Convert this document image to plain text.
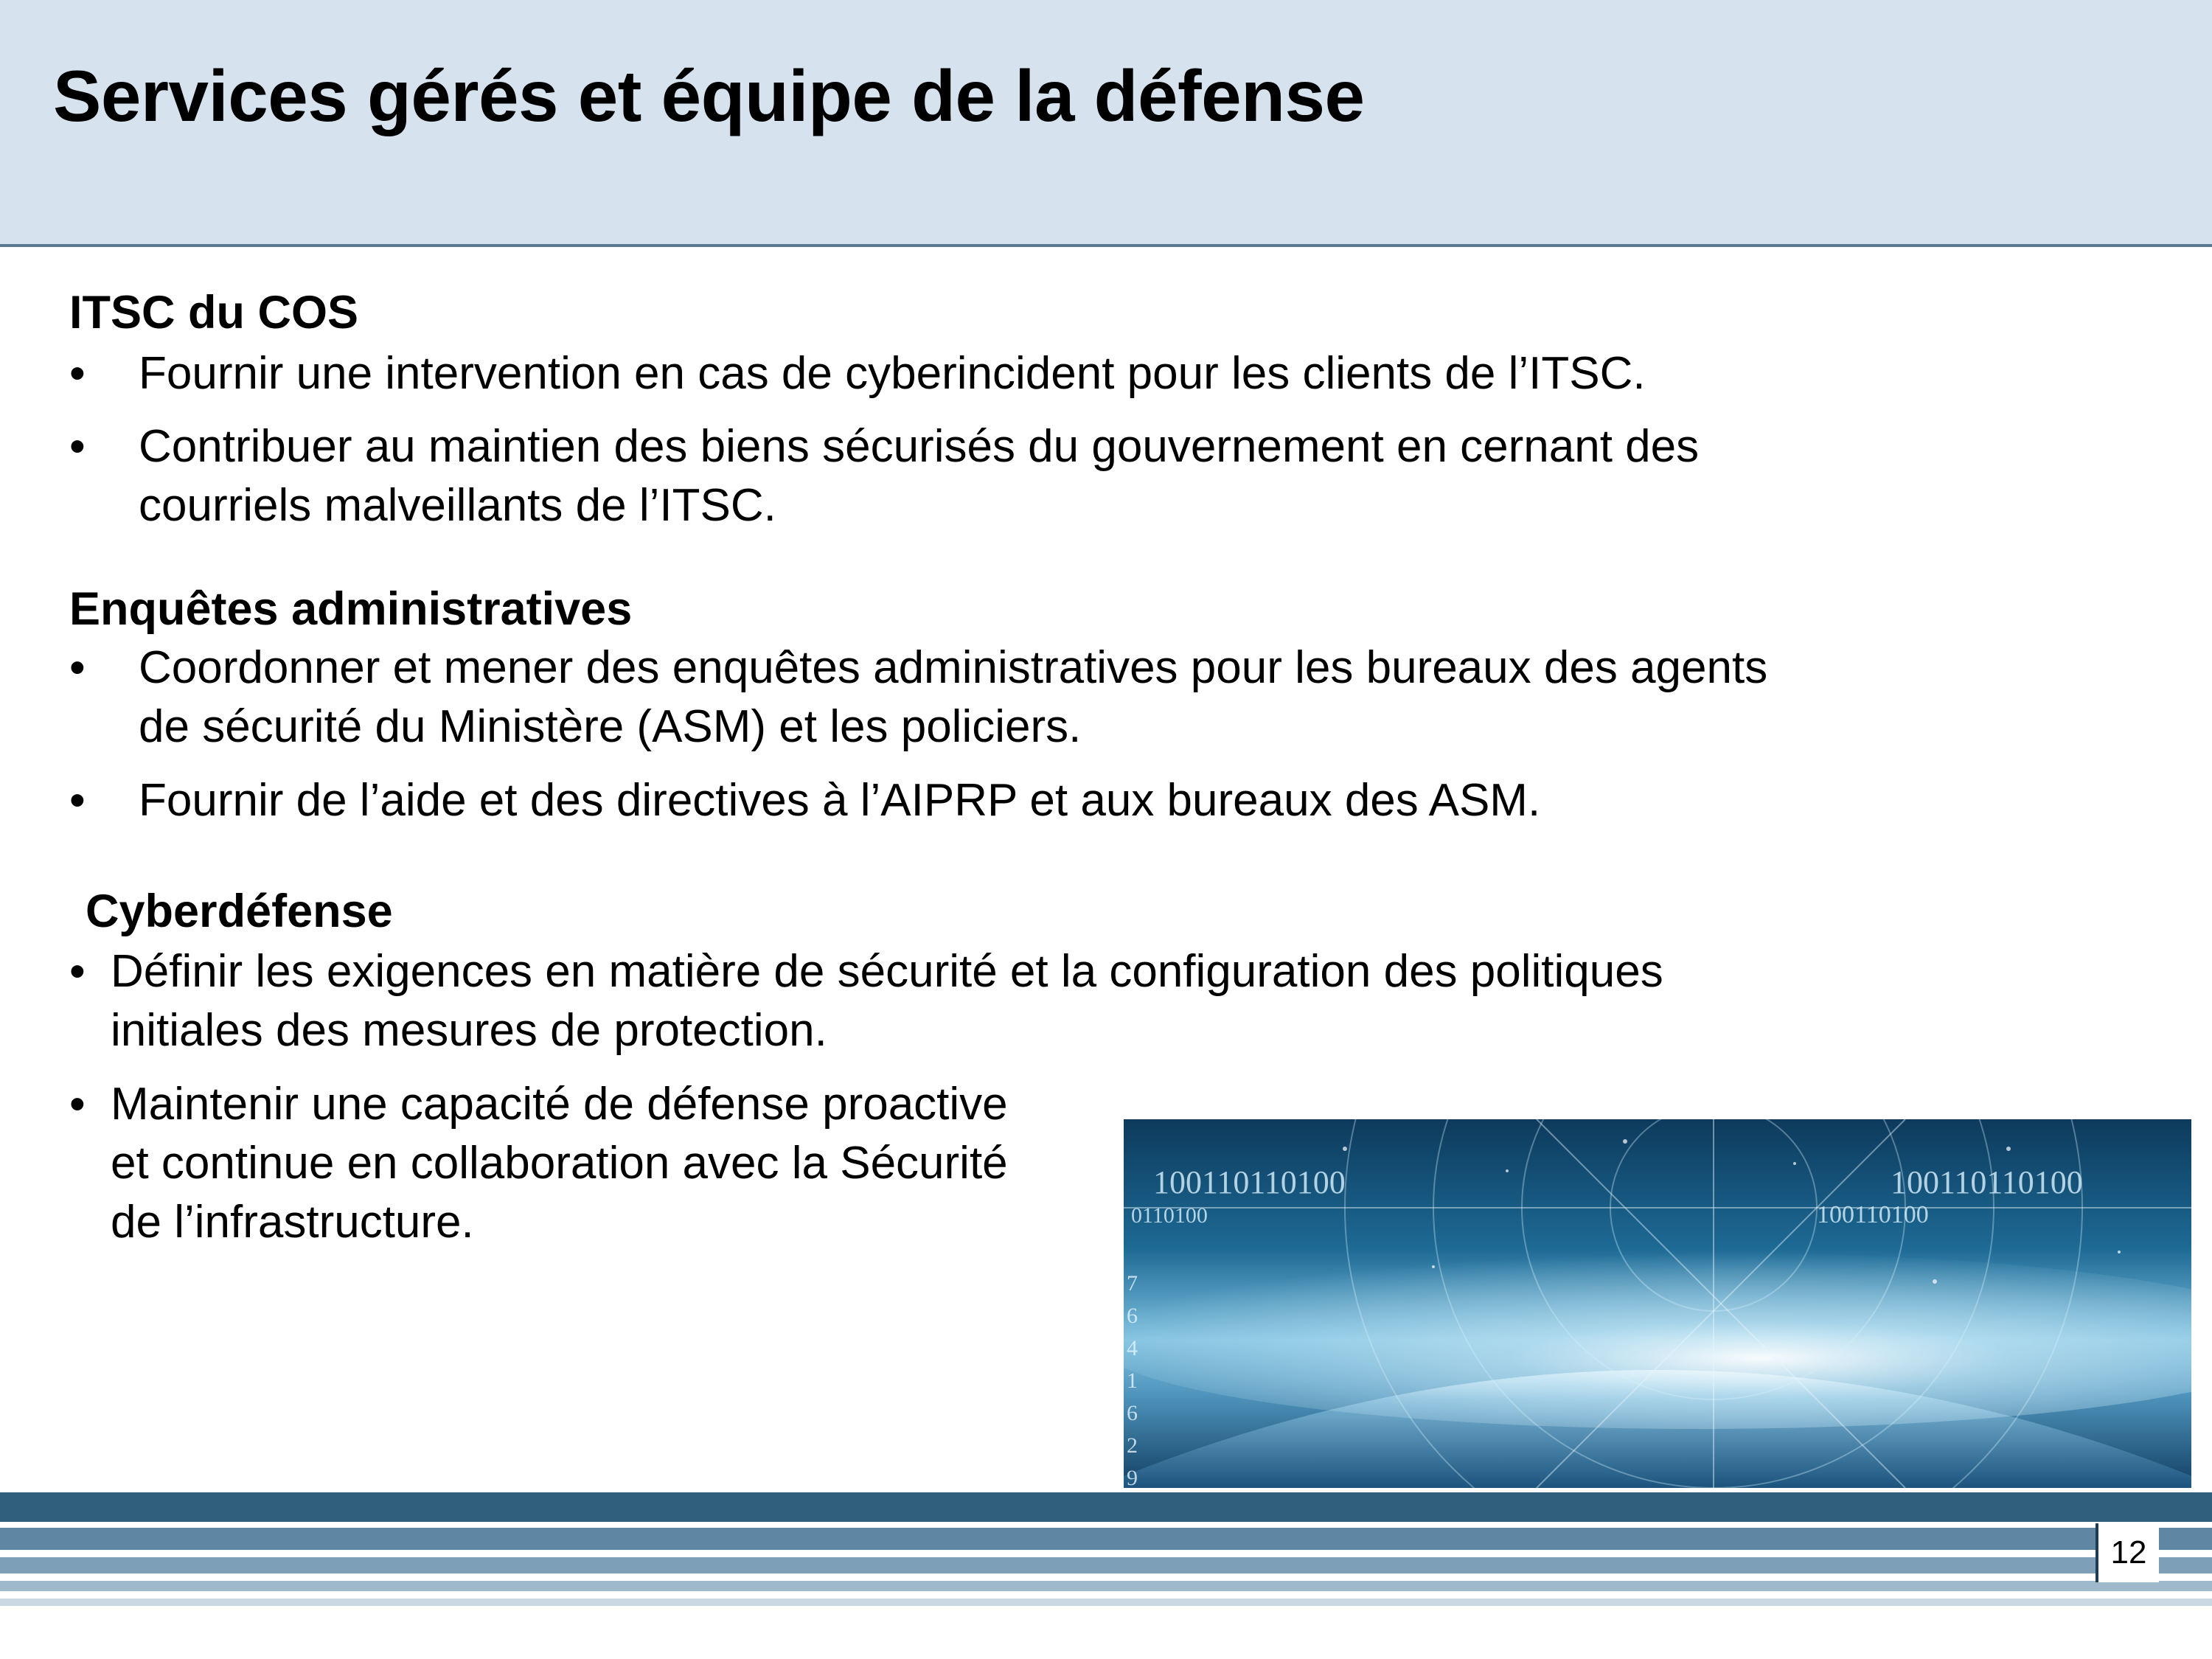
Services gérés et équipe de la défense
ITSC du COS
• Fournir une intervention en cas de cyberincident pour les clients de l’ITSC.
• Contribuer au maintien des biens sécurisés du gouvernement en cernant des
courriels malveillants de l’ITSC.
Enquêtes administratives
• Coordonner et mener des enquêtes administratives pour les bureaux des agents
de sécurité du Ministère (ASM) et les policiers.
• Fournir de l’aide et des directives à l’AIPRP et aux bureaux des ASM.
Cyberdéfense
• Définir les exigences en matière de sécurité et la configuration des politiques
initiales des mesures de protection.
• Maintenir une capacité de défense proactive
et continue en collaboration avec la Sécurité
de l’infrastructure.
100110110100
0110100
100110110100
100110100
7
6
4
1
6
2
9
12
